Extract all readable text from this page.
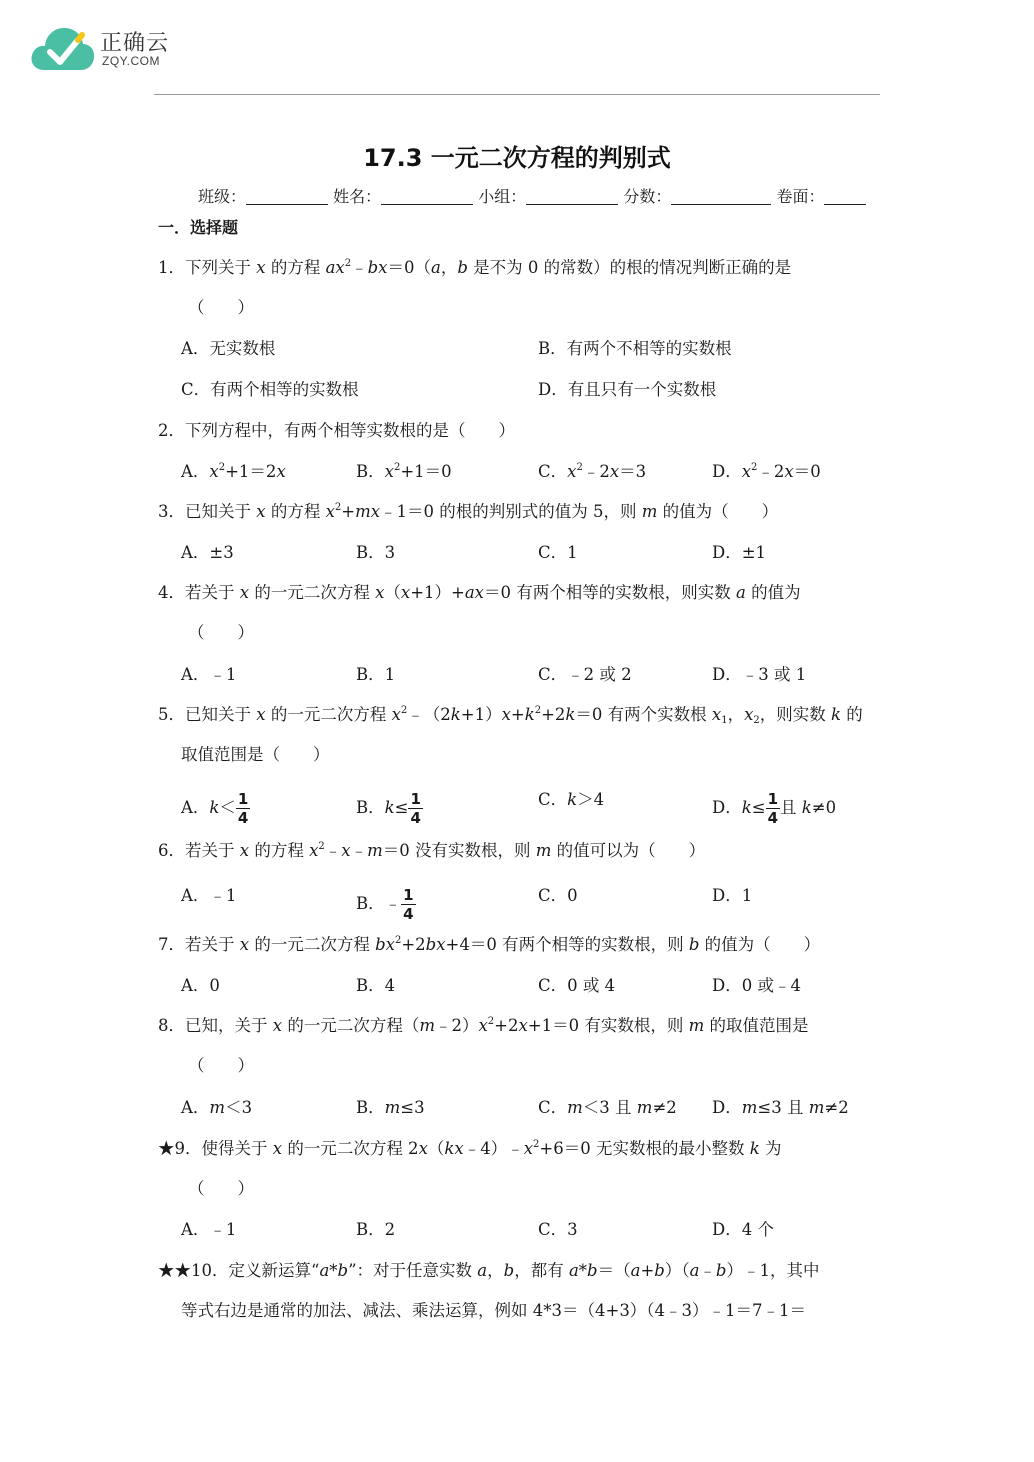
正确云
ZQY.COM
17.3 一元二次方程的判别式
班级：	姓名：	小组：	分数：	卷面：
一．选择题
1．下列关于 x 的方程 $ax^2﹣bx=0(a$，b 是不为 0 的常数）的根的情况判断正确的是
（　　）
A．无实数根	B．有两个不相等的实数根
C．有两个相等的实数根	D．有且只有一个实数根
2．下列方程中，有两个相等实数根的是（　　）
A．$x^2+1=2x$	B．$x^2+1=0$	C．$x^2﹣2x=3$	D．$x^2﹣2x=0$
3．已知关于 x 的方程 $x^2+mx﹣1=0$ 的根的判别式的值为 5，则 m 的值为（　　）
A．±3	B．3	C．1	D．±1
4．若关于 x 的一元二次方程 x（x+1）+ax＝0 有两个相等的实数根，则实数 a 的值为
（　　）
A．﹣1	B．1	C．﹣2 或 2	D．﹣3 或 1
5．已知关于 x 的一元二次方程 $x^2﹣(2k+1)x+k^2+2k=0$ 有两个实数根 $x_1$，$x_2$，则实数 k 的
取值范围是（　　）
A．$k< \frac{1}{4}$	B．$k\le \frac{1}{4}$	C．k＞4	D．$k\le \frac{1}{4}$ 且 k≠0
6．若关于 x 的方程 $x^2﹣x﹣m=0$ 没有实数根，则 m 的值可以为（　　）
A．﹣1	B．﹣ $\frac{1}{4}$	C．0	D．1
7．若关于 x 的一元二次方程 $bx^2+2bx+4=0$ 有两个相等的实数根，则 b 的值为（　　）
A．0	B．4	C．0 或 4	D．0 或﹣4
8．已知，关于 x 的一元二次方程$(m﹣2)x^2+2x+1=0$ 有实数根，则 m 的取值范围是
（　　）
A．m＜3	B．m≤3	C．m＜3 且 m≠2 D．m≤3 且 m≠2
★9．使得关于 x 的一元二次方程 $2x(kx﹣4)﹣x^2+6=0$ 无实数根的最小整数 k 为
（　　）
A．﹣1	B．2	C．3	D．4 个
★★10．定义新运算“a*b”：对于任意实数 a，b，都有 a*b＝（a+b）（a﹣b）﹣1，其中
等式右边是通常的加法、减法、乘法运算，例如 4*3＝（4+3）（4﹣3）﹣1＝7﹣1＝
